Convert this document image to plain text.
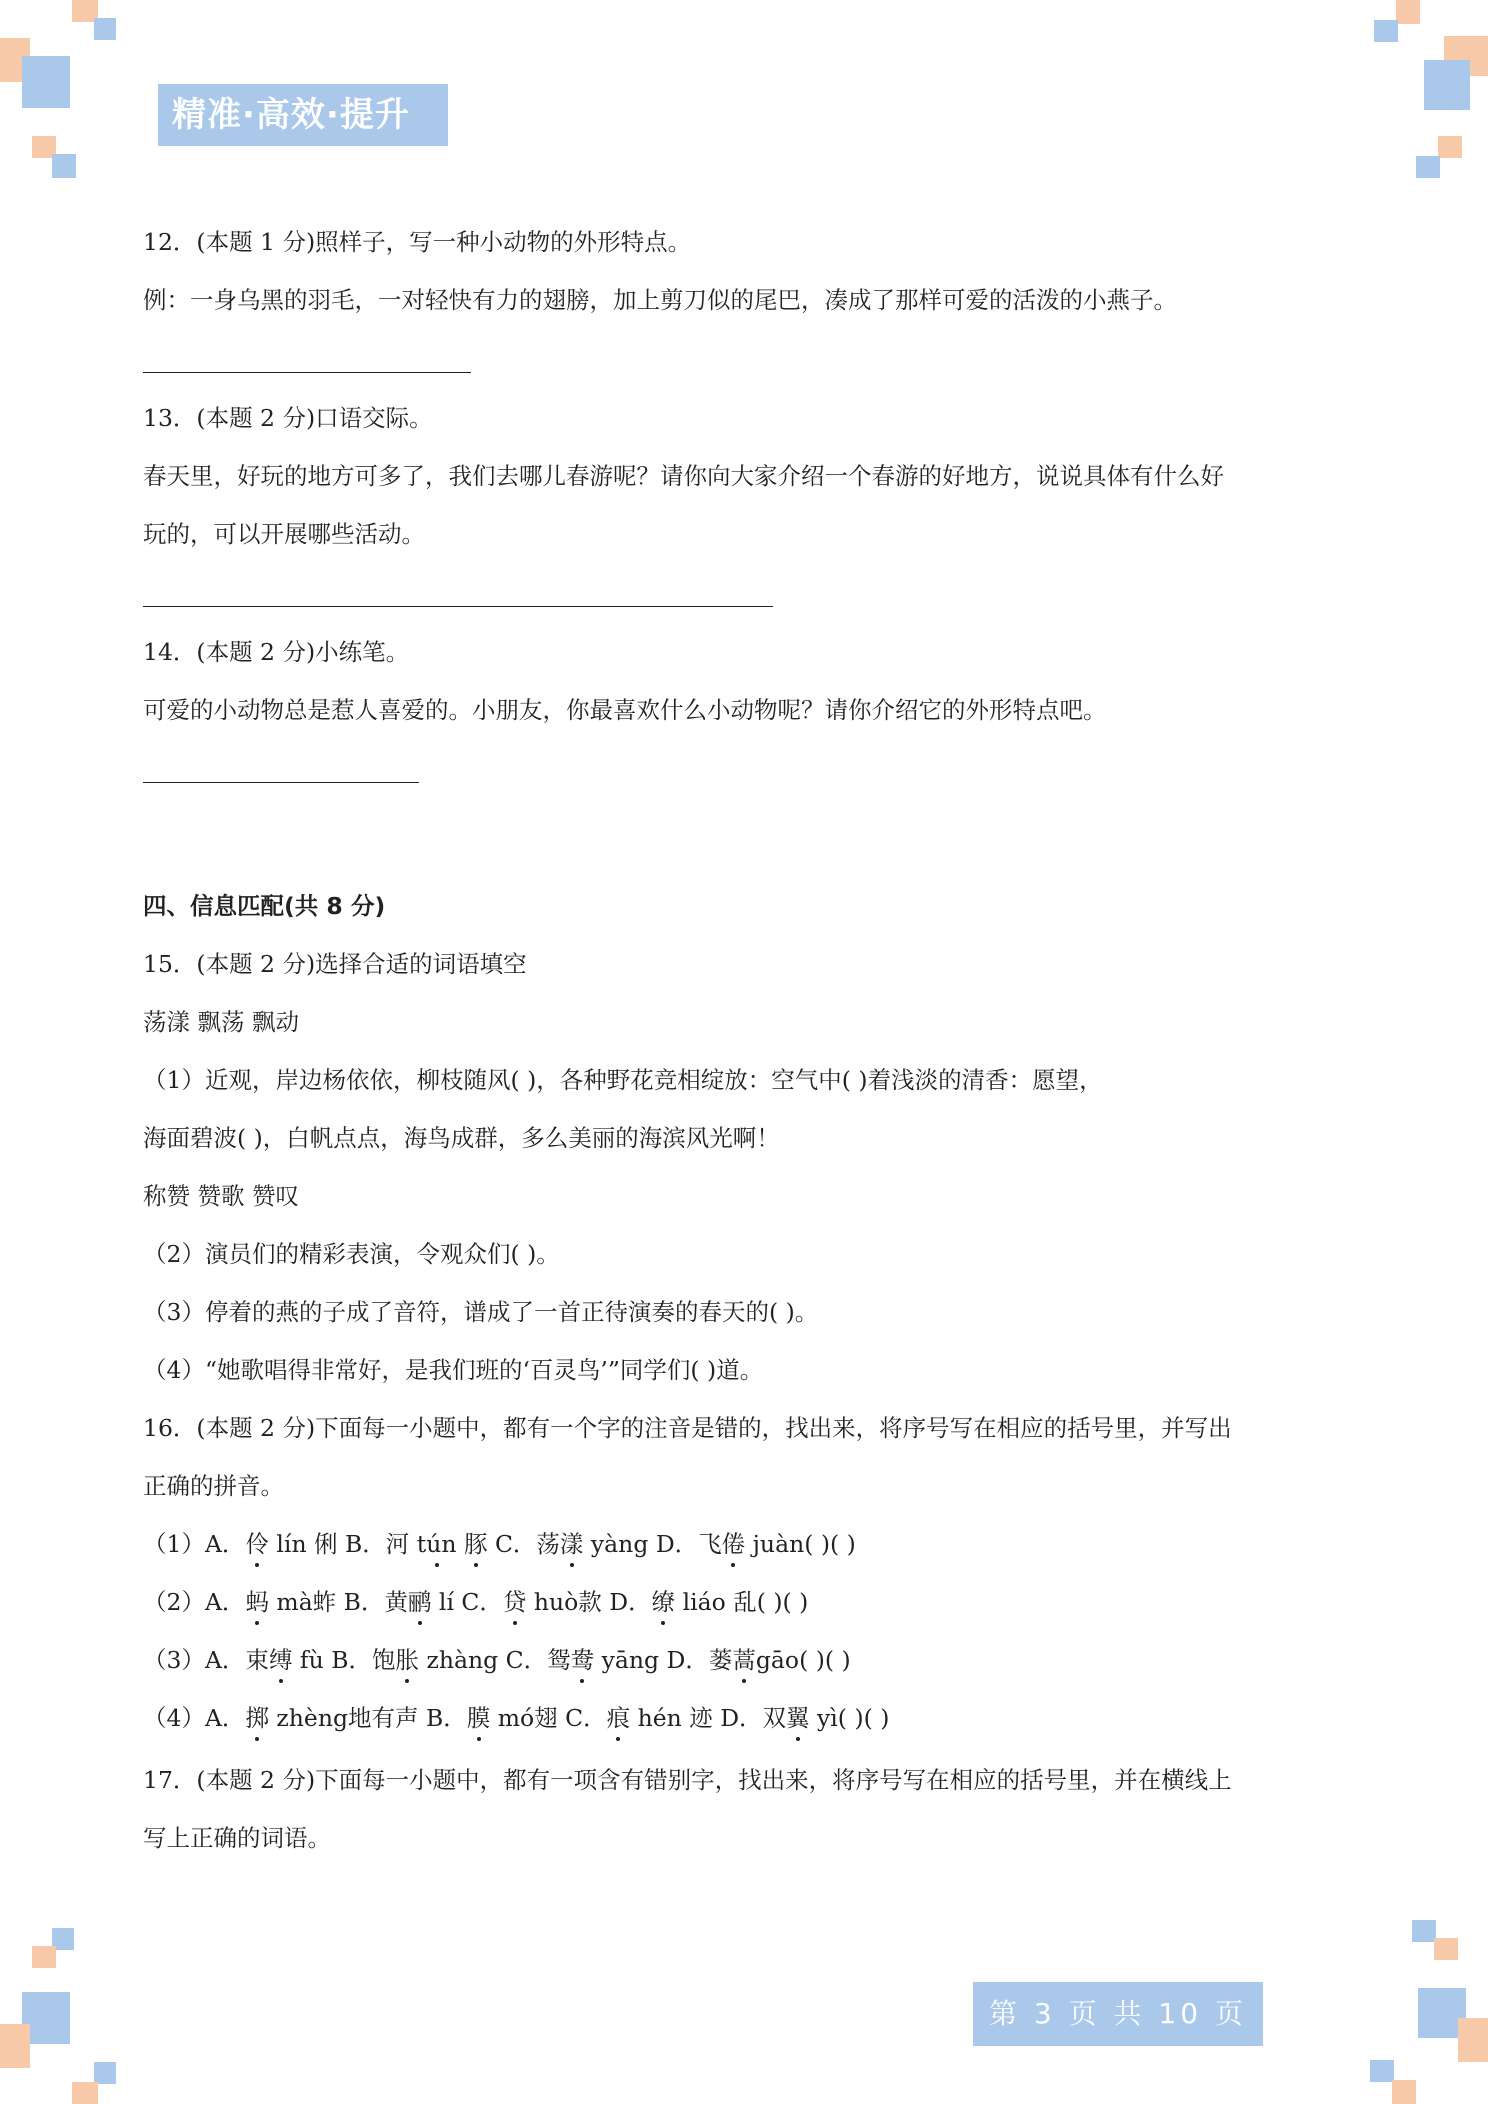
精准·高效·提升
12．(本题 1 分)照样子，写一种小动物的外形特点。
例：一身乌黑的羽毛，一对轻快有力的翅膀，加上剪刀似的尾巴，凑成了那样可爱的活泼的小燕子。
13．(本题 2 分)口语交际。
春天里，好玩的地方可多了，我们去哪儿春游呢？请你向大家介绍一个春游的好地方，说说具体有什么好
玩的，可以开展哪些活动。
14．(本题 2 分)小练笔。
可爱的小动物总是惹人喜爱的。小朋友，你最喜欢什么小动物呢？请你介绍它的外形特点吧。
四、信息匹配(共 8 分)
15．(本题 2 分)选择合适的词语填空
荡漾 飘荡 飘动
（1）近观，岸边杨依依，柳枝随风( )，各种野花竞相绽放：空气中( )着浅淡的清香：愿望，
海面碧波( )，白帆点点，海鸟成群，多么美丽的海滨风光啊！
称赞 赞歌 赞叹
（2）演员们的精彩表演，令观众们( )。
（3）停着的燕的子成了音符，谱成了一首正待演奏的春天的( )。
（4）“她歌唱得非常好，是我们班的‘百灵鸟’”同学们( )道。
16．(本题 2 分)下面每一小题中，都有一个字的注音是错的，找出来，将序号写在相应的括号里，并写出
正确的拼音。
（1）A．伶 lín 俐 B．河 tún 豚 C．荡漾 yàng D．飞倦 juàn( )( )
（2）A．蚂 mà蚱 B．黄鹂 lí C．贷 huò款 D．缭 liáo 乱( )( )
（3）A．束缚 fù B．饱胀 zhàng C．鸳鸯 yāng D．蒌蒿gāo( )( )
（4）A．掷 zhèng地有声 B．膜 mó翅 C．痕 hén 迹 D．双翼 yì( )( )
17．(本题 2 分)下面每一小题中，都有一项含有错别字，找出来，将序号写在相应的括号里，并在横线上
写上正确的词语。
第 3 页 共 10 页
